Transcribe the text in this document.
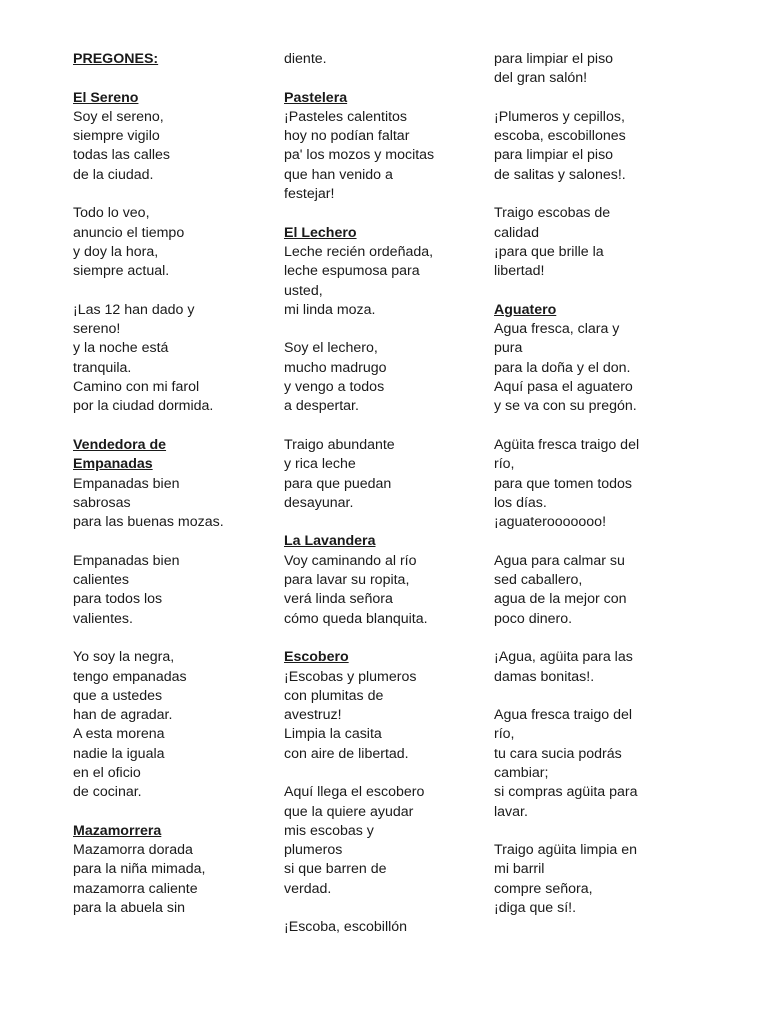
PREGONES:

El Sereno

Soy el sereno,

siempre vigilo

todas las calles

de la ciudad.

Todo lo veo,

anuncio el tiempo

y doy la hora,

siempre actual.

¡Las 12 han dado y

sereno!

y la noche está

tranquila.

Camino con mi farol

por la ciudad dormida.

Vendedora de

Empanadas

Empanadas bien

sabrosas

para las buenas mozas.

Empanadas bien

calientes

para todos los

valientes.

Yo soy la negra,

tengo empanadas

que a ustedes

han de agradar.

A esta morena

nadie la iguala

en el oficio

de cocinar.

Mazamorrera

Mazamorra dorada

para la niña mimada,

mazamorra caliente

para la abuela sin

diente.

Pastelera

¡Pasteles calentitos

hoy no podían faltar

pa' los mozos y mocitas

que han venido a

festejar!

El Lechero

Leche recién ordeñada,

leche espumosa para

usted,

mi linda moza.

Soy el lechero,

mucho madrugo

y vengo a todos

a despertar.

Traigo abundante

y rica leche

para que puedan

desayunar.

La Lavandera

Voy caminando al río

para lavar su ropita,

verá linda señora

cómo queda blanquita.

Escobero

¡Escobas y plumeros

con plumitas de

avestruz!

Limpia la casita

con aire de libertad.

Aquí llega el escobero

que la quiere ayudar

mis escobas y

plumeros

si que barren de

verdad.

¡Escoba, escobillón

para limpiar el piso

del gran salón!

¡Plumeros y cepillos,

escoba, escobillones

para limpiar el piso

de salitas y salones!.

Traigo escobas de

calidad

¡para que brille la

libertad!

Aguatero

Agua fresca, clara y

pura

para la doña y el don.

Aquí pasa el aguatero

y se va con su pregón.

Agüita fresca traigo del

río,

para que tomen todos

los días.

¡aguaterooooooo!

Agua para calmar su

sed caballero,

agua de la mejor con

poco dinero.

¡Agua, agüita para las

damas bonitas!.

Agua fresca traigo del

río,

tu cara sucia podrás

cambiar;

si compras agüita para

lavar.

Traigo agüita limpia en

mi barril

compre señora,

¡diga que sí!.
